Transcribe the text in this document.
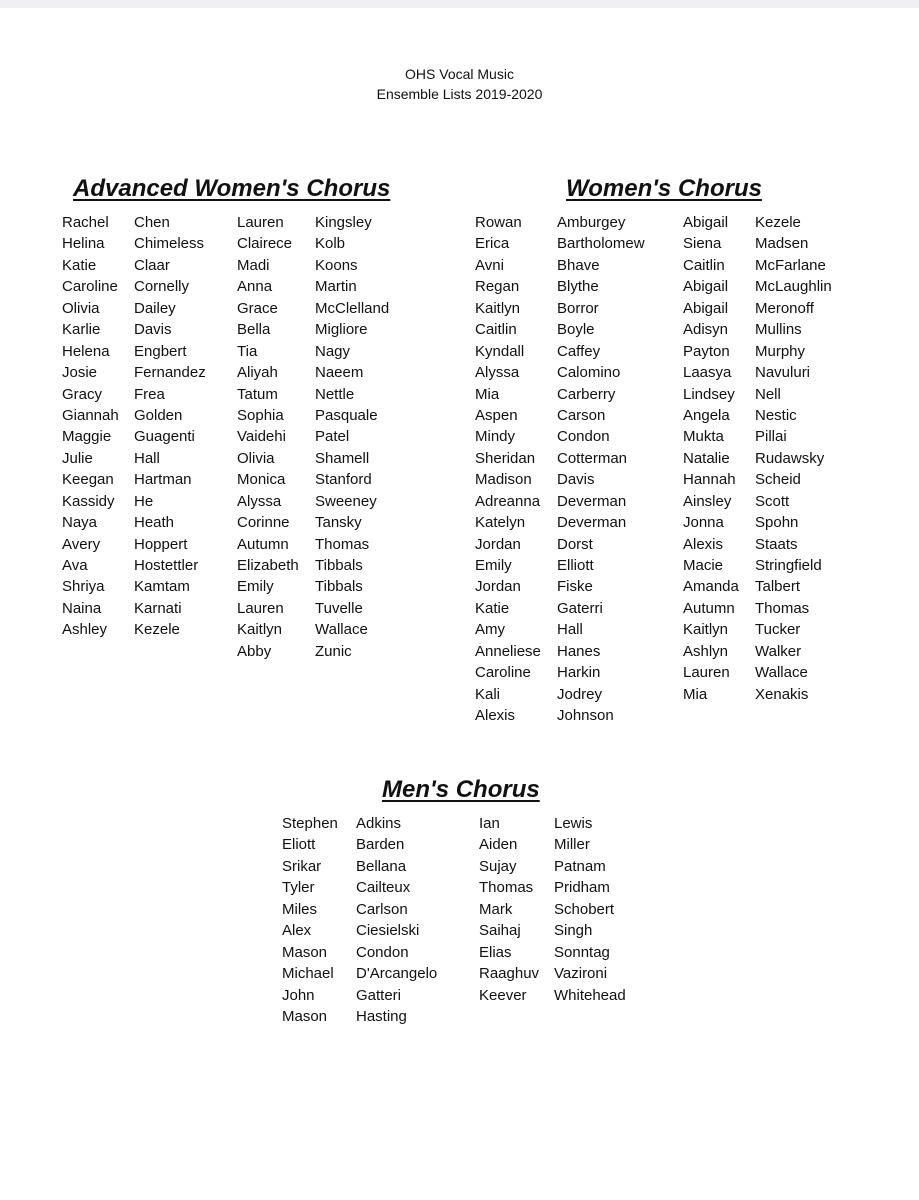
OHS Vocal Music
Ensemble Lists 2019-2020
Advanced Women's Chorus
Rachel
Helina
Katie
Caroline
Olivia
Karlie
Helena
Josie
Gracy
Giannah
Maggie
Julie
Keegan
Kassidy
Naya
Avery
Ava
Shriya
Naina
Ashley
Chen
Chimeless
Claar
Cornelly
Dailey
Davis
Engbert
Fernandez
Frea
Golden
Guagenti
Hall
Hartman
He
Heath
Hoppert
Hostettler
Kamtam
Karnati
Kezele
Lauren
Clairece
Madi
Anna
Grace
Bella
Tia
Aliyah
Tatum
Sophia
Vaidehi
Olivia
Monica
Alyssa
Corinne
Autumn
Elizabeth
Emily
Lauren
Kaitlyn
Abby
Kingsley
Kolb
Koons
Martin
McClelland
Migliore
Nagy
Naeem
Nettle
Pasquale
Patel
Shamell
Stanford
Sweeney
Tansky
Thomas
Tibbals
Tibbals
Tuvelle
Wallace
Zunic
Women's Chorus
Rowan
Erica
Avni
Regan
Kaitlyn
Caitlin
Kyndall
Alyssa
Mia
Aspen
Mindy
Sheridan
Madison
Adreanna
Katelyn
Jordan
Emily
Jordan
Katie
Amy
Anneliese
Caroline
Kali
Alexis
Amburgey
Bartholomew
Bhave
Blythe
Borror
Boyle
Caffey
Calomino
Carberry
Carson
Condon
Cotterman
Davis
Deverman
Deverman
Dorst
Elliott
Fiske
Gaterri
Hall
Hanes
Harkin
Jodrey
Johnson
Abigail
Siena
Caitlin
Abigail
Abigail
Adisyn
Payton
Laasya
Lindsey
Angela
Mukta
Natalie
Hannah
Ainsley
Jonna
Alexis
Macie
Amanda
Autumn
Kaitlyn
Ashlyn
Lauren
Mia
Kezele
Madsen
McFarlane
McLaughlin
Meronoff
Mullins
Murphy
Navuluri
Nell
Nestic
Pillai
Rudawsky
Scheid
Scott
Spohn
Staats
Stringfield
Talbert
Thomas
Tucker
Walker
Wallace
Xenakis
Men's Chorus
Stephen
Eliott
Srikar
Tyler
Miles
Alex
Mason
Michael
John
Mason
Adkins
Barden
Bellana
Cailteux
Carlson
Ciesielski
Condon
D'Arcangelo
Gatteri
Hasting
Ian
Aiden
Sujay
Thomas
Mark
Saihaj
Elias
Raaghuv
Keever
Lewis
Miller
Patnam
Pridham
Schobert
Singh
Sonntag
Vazironi
Whitehead
